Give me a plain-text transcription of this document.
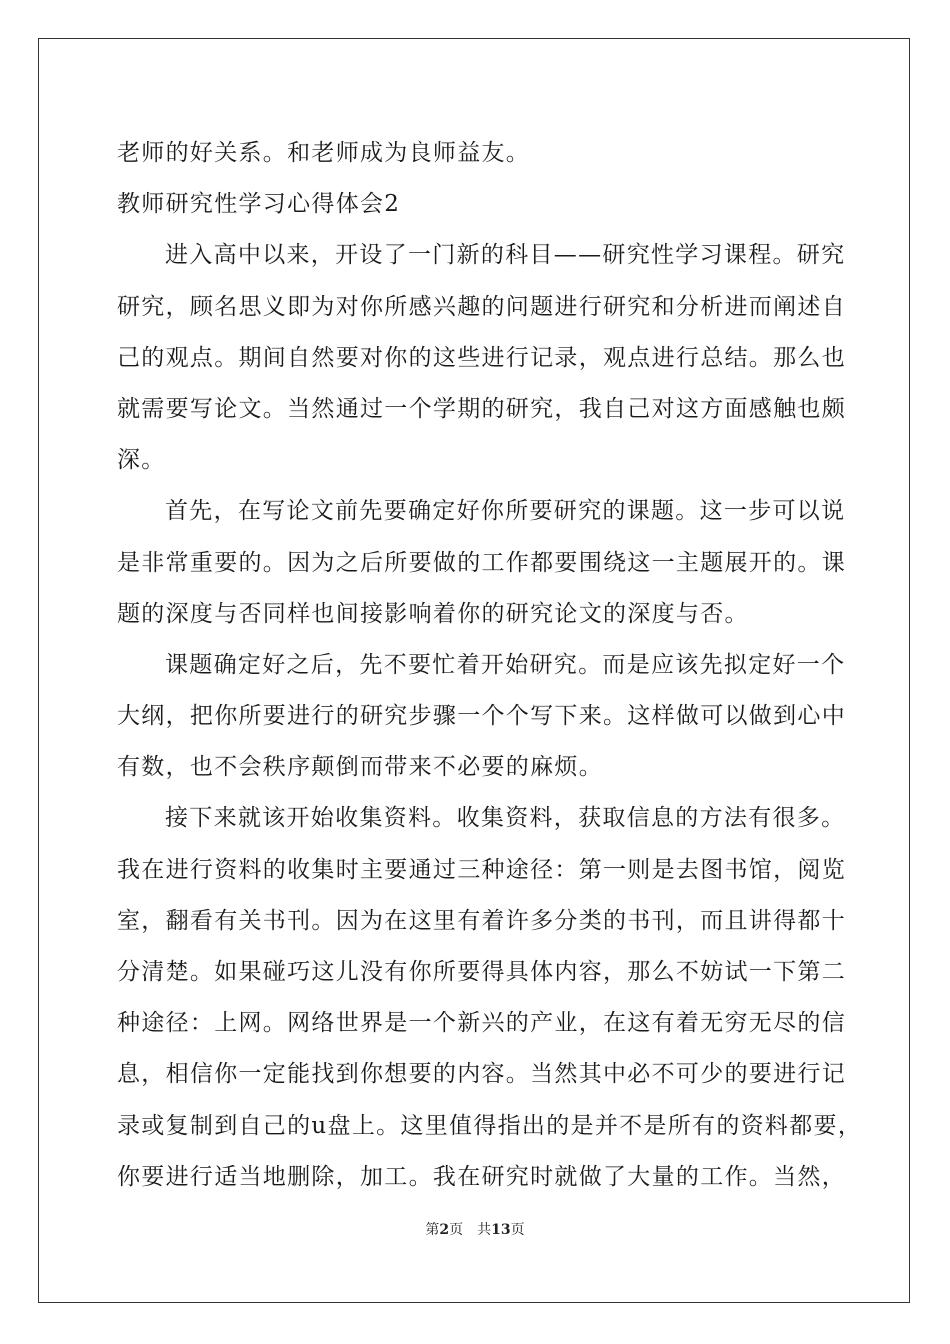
老师的好关系。和老师成为良师益友。
教师研究性学习心得体会2
进入高中以来，开设了一门新的科目——研究性学习课程。研究
研究，顾名思义即为对你所感兴趣的问题进行研究和分析进而阐述自
己的观点。期间自然要对你的这些进行记录，观点进行总结。那么也
就需要写论文。当然通过一个学期的研究，我自己对这方面感触也颇
深。
首先，在写论文前先要确定好你所要研究的课题。这一步可以说
是非常重要的。因为之后所要做的工作都要围绕这一主题展开的。课
题的深度与否同样也间接影响着你的研究论文的深度与否。
课题确定好之后，先不要忙着开始研究。而是应该先拟定好一个
大纲，把你所要进行的研究步骤一个个写下来。这样做可以做到心中
有数，也不会秩序颠倒而带来不必要的麻烦。
接下来就该开始收集资料。收集资料，获取信息的方法有很多。
我在进行资料的收集时主要通过三种途径：第一则是去图书馆，阅览
室，翻看有关书刊。因为在这里有着许多分类的书刊，而且讲得都十
分清楚。如果碰巧这儿没有你所要得具体内容，那么不妨试一下第二
种途径：上网。网络世界是一个新兴的产业，在这有着无穷无尽的信
息，相信你一定能找到你想要的内容。当然其中必不可少的要进行记
录或复制到自己的u盘上。这里值得指出的是并不是所有的资料都要，
你要进行适当地删除，加工。我在研究时就做了大量的工作。当然，
第2页 共13页
